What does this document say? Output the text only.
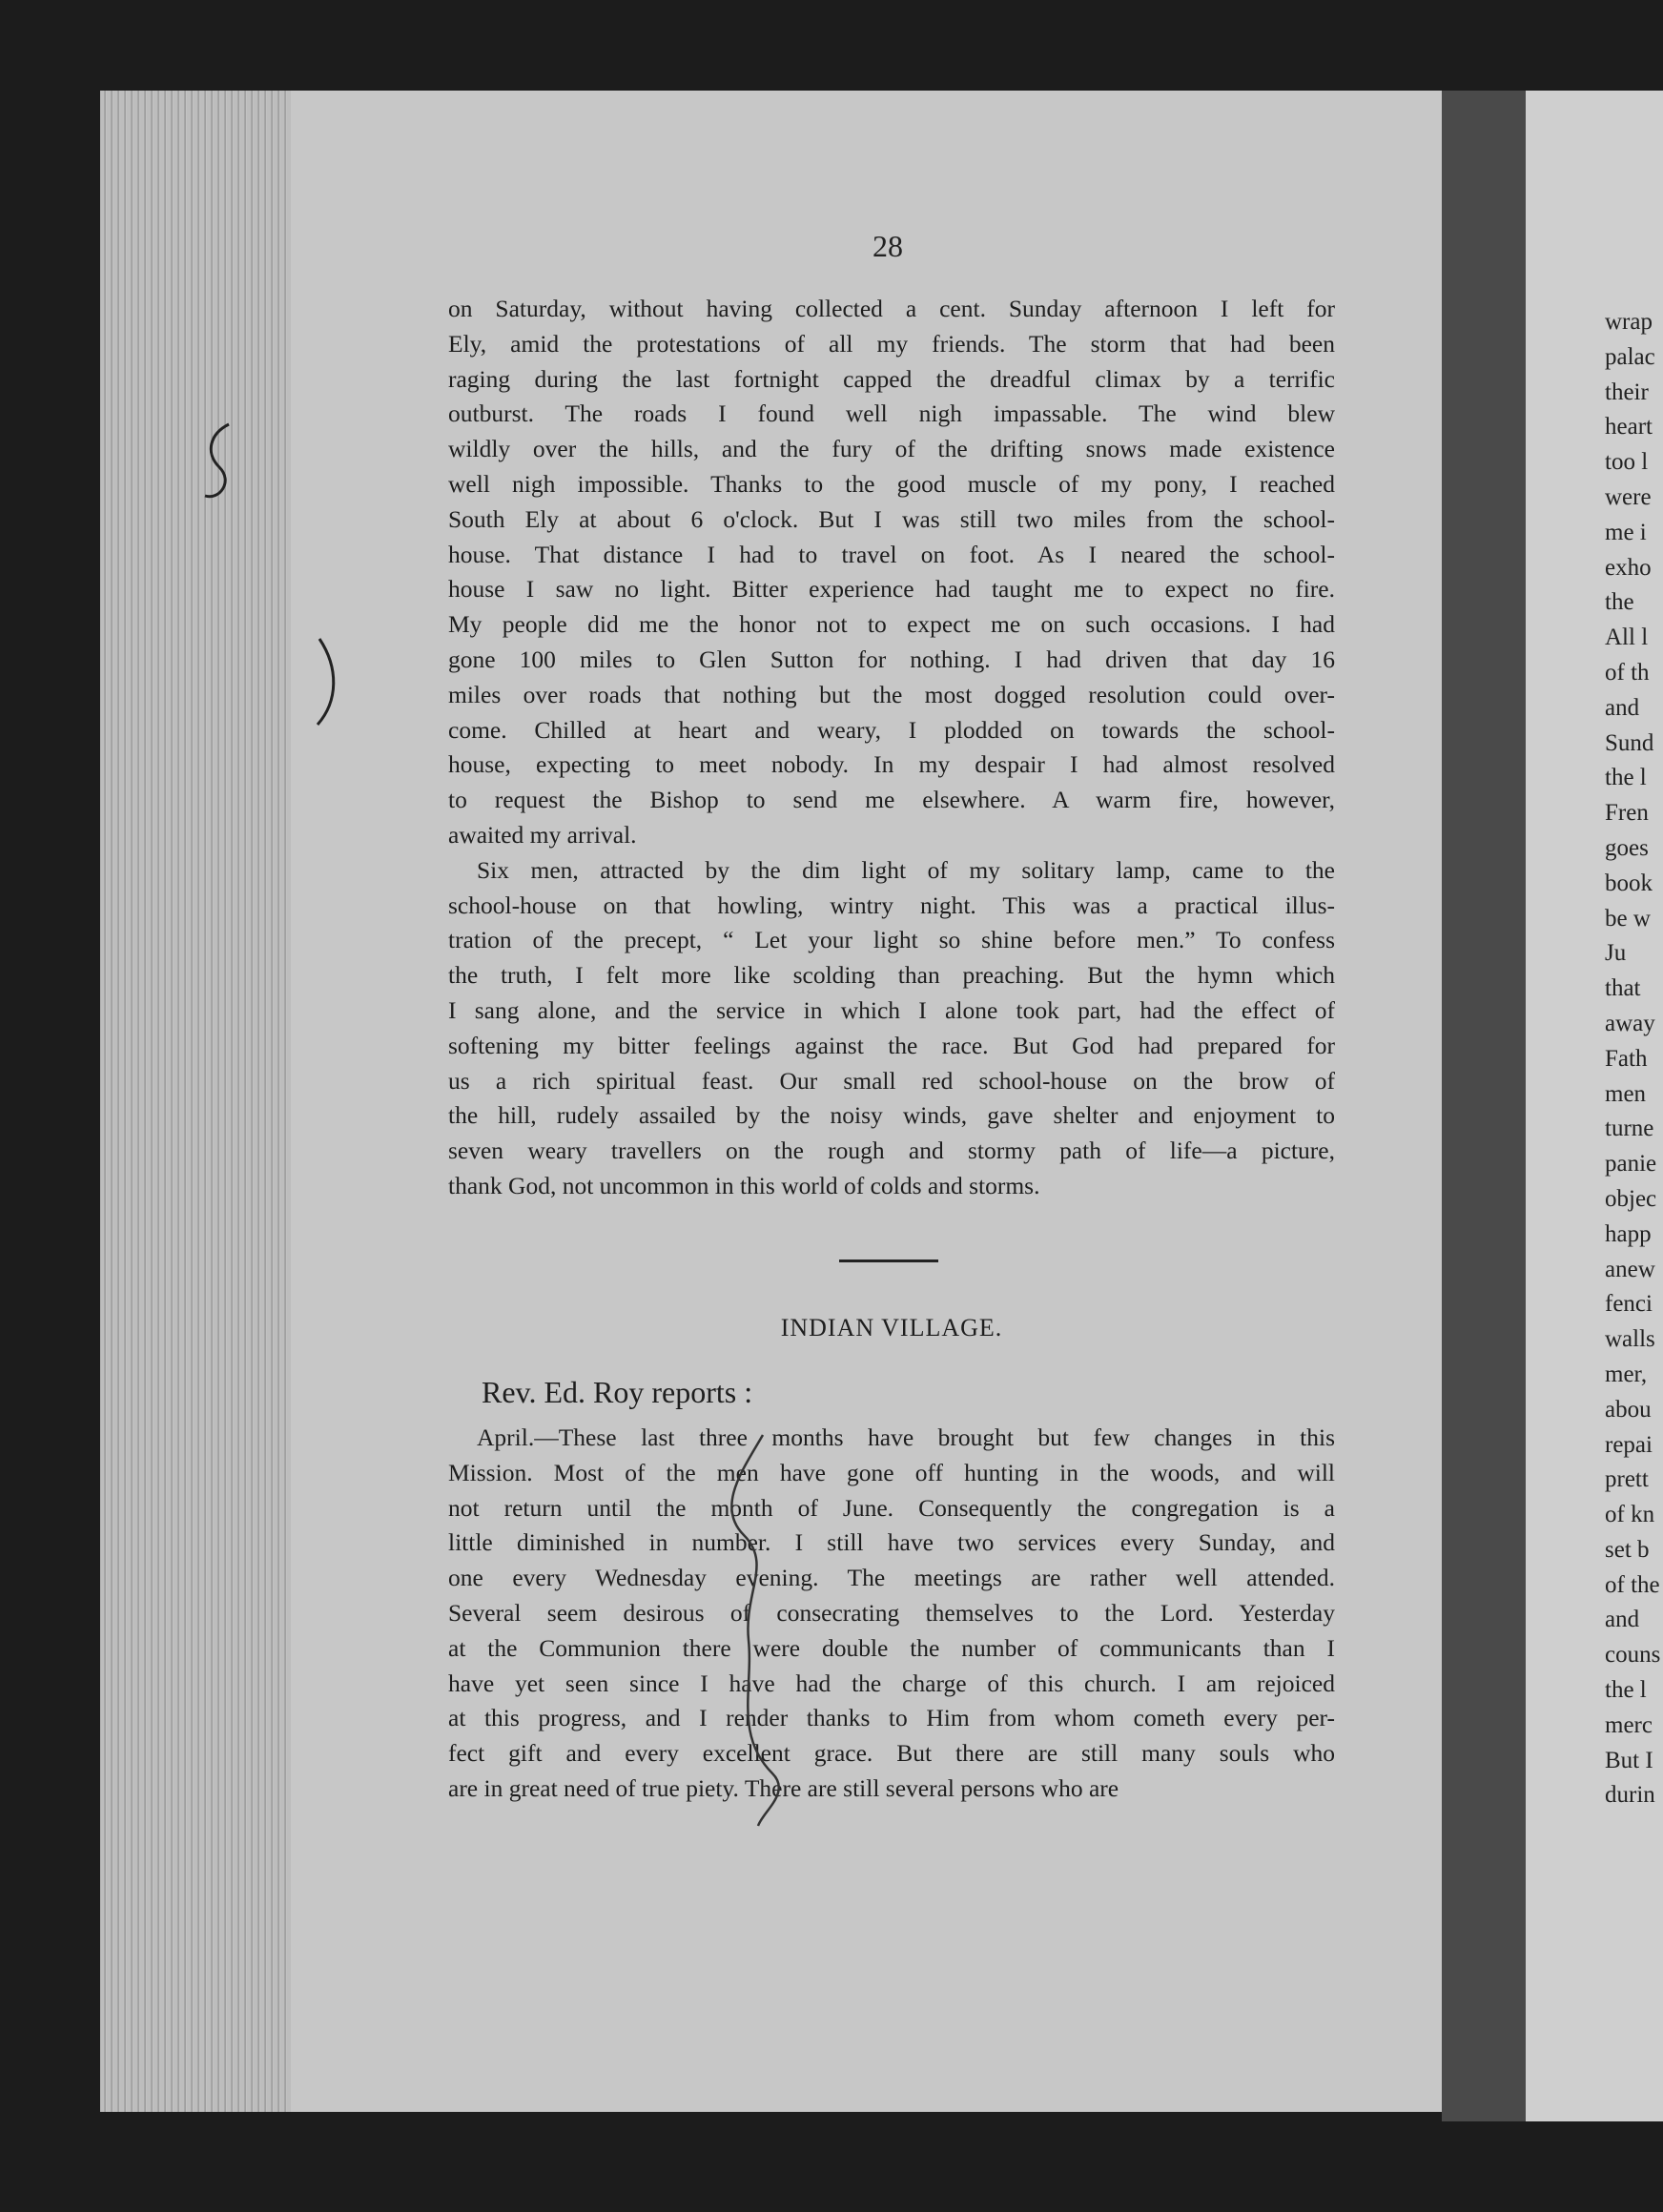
wrap
palac
their
heart
too l
were
me i
exho
the
All l
of th
and
Sund
the l
Fren
goes
book
be w
Ju
that
away
Fath
men
turne
panie
objec
happ
anew
fenci
walls
mer,
abou
repai
prett
of kn
set b
of the
and
couns
the l
merc
But I
durin
28
on Saturday, without having collected a cent. Sunday afternoon I left for
Ely, amid the protestations of all my friends. The storm that had been
raging during the last fortnight capped the dreadful climax by a terrific
outburst. The roads I found well nigh impassable. The wind blew
wildly over the hills, and the fury of the drifting snows made existence
well nigh impossible. Thanks to the good muscle of my pony, I reached
South Ely at about 6 o'clock. But I was still two miles from the school-
house. That distance I had to travel on foot. As I neared the school-
house I saw no light. Bitter experience had taught me to expect no fire.
My people did me the honor not to expect me on such occasions. I had
gone 100 miles to Glen Sutton for nothing. I had driven that day 16
miles over roads that nothing but the most dogged resolution could over-
come. Chilled at heart and weary, I plodded on towards the school-
house, expecting to meet nobody. In my despair I had almost resolved
to request the Bishop to send me elsewhere. A warm fire, however,
awaited my arrival.
Six men, attracted by the dim light of my solitary lamp, came to the
school-house on that howling, wintry night. This was a practical illus-
tration of the precept, “ Let your light so shine before men.” To confess
the truth, I felt more like scolding than preaching. But the hymn which
I sang alone, and the service in which I alone took part, had the effect of
softening my bitter feelings against the race. But God had prepared for
us a rich spiritual feast. Our small red school-house on the brow of
the hill, rudely assailed by the noisy winds, gave shelter and enjoyment to
seven weary travellers on the rough and stormy path of life—a picture,
thank God, not uncommon in this world of colds and storms.
INDIAN VILLAGE.
Rev. Ed. Roy reports :
April.—These last three months have brought but few changes in this
Mission. Most of the men have gone off hunting in the woods, and will
not return until the month of June. Consequently the congregation is a
little diminished in number. I still have two services every Sunday, and
one every Wednesday evening. The meetings are rather well attended.
Several seem desirous of consecrating themselves to the Lord. Yesterday
at the Communion there were double the number of communicants than I
have yet seen since I have had the charge of this church. I am rejoiced
at this progress, and I render thanks to Him from whom cometh every per-
fect gift and every excellent grace. But there are still many souls who
are in great need of true piety. There are still several persons who are
